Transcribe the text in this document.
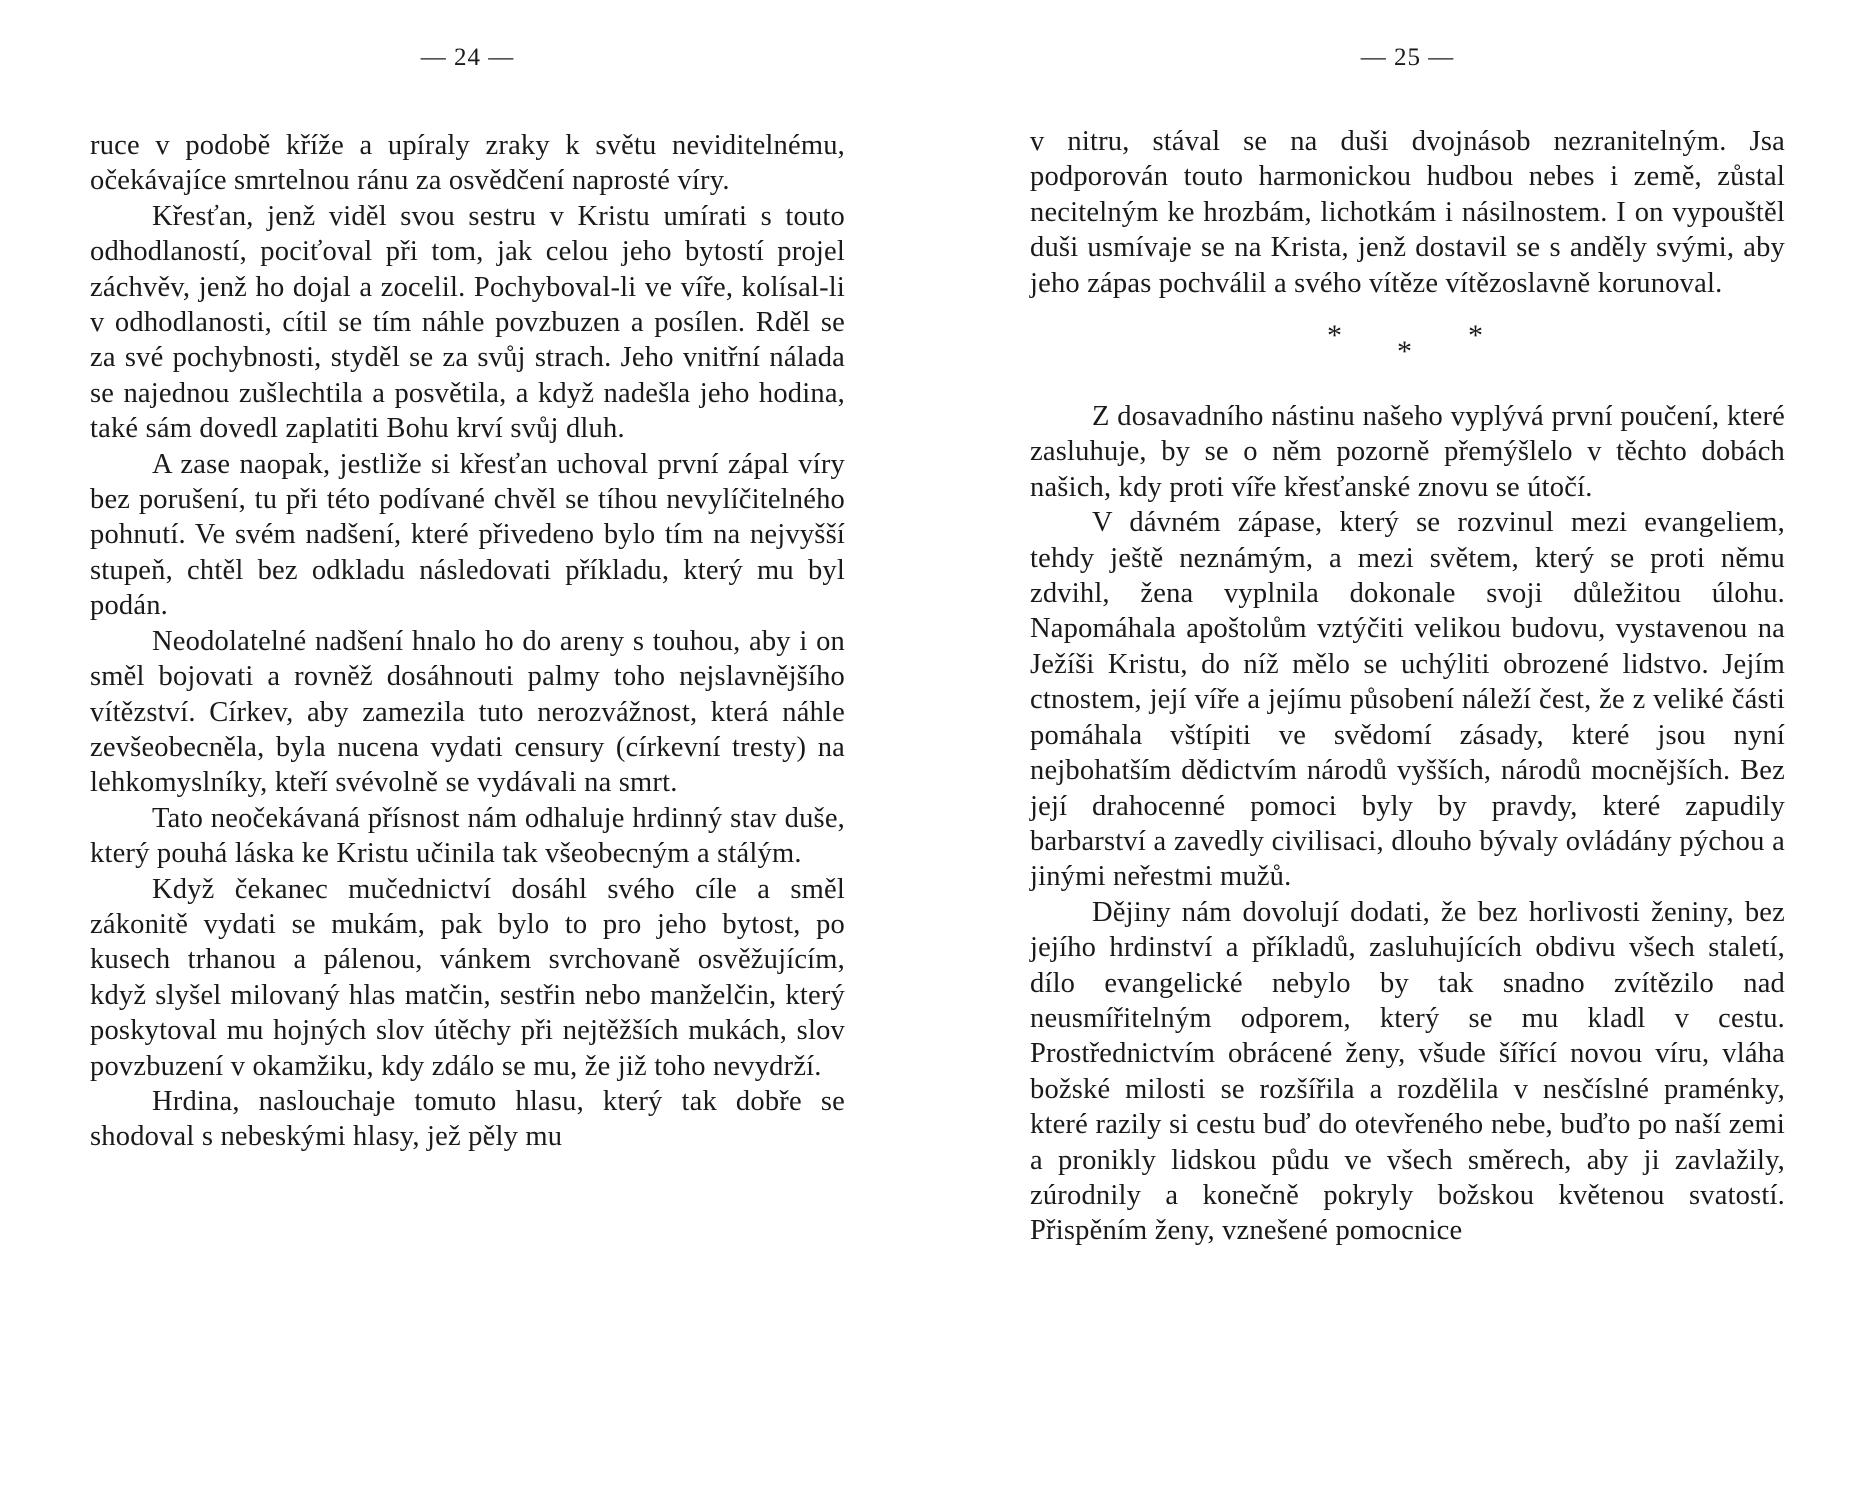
— 24 —

ruce v podobě kříže a upíraly zraky k světu neviditelnému, očekávajíce smrtelnou ránu za osvědčení naprosté víry.

Křesťan, jenž viděl svou sestru v Kristu umírati s touto odhodlaností, pociťoval při tom, jak celou jeho bytostí projel záchvěv, jenž ho dojal a zocelil. Pochyboval-li ve víře, kolísal-li v odhodlanosti, cítil se tím náhle povzbuzen a posílen. Rděl se za své pochybnosti, styděl se za svůj strach. Jeho vnitřní nálada se najednou zušlechtila a posvětila, a když nadešla jeho hodina, také sám dovedl zaplatiti Bohu krví svůj dluh.

A zase naopak, jestliže si křesťan uchoval první zápal víry bez porušení, tu při této podívané chvěl se tíhou nevylíčitelného pohnutí. Ve svém nadšení, které přivedeno bylo tím na nejvyšší stupeň, chtěl bez odkladu následovati příkladu, který mu byl podán.

Neodolatelné nadšení hnalo ho do areny s touhou, aby i on směl bojovati a rovněž dosáhnouti palmy toho nejslavnějšího vítězství. Církev, aby zamezila tuto nerozvážnost, která náhle zevšeobecněla, byla nucena vydati censury (církevní tresty) na lehkomyslníky, kteří svévolně se vydávali na smrt.

Tato neočekávaná přísnost nám odhaluje hrdinný stav duše, který pouhá láska ke Kristu učinila tak všeobecným a stálým.

Když čekanec mučednictví dosáhl svého cíle a směl zákonitě vydati se mukám, pak bylo to pro jeho bytost, po kusech trhanou a pálenou, vánkem svrchovaně osvěžujícím, když slyšel milovaný hlas matčin, sestřin nebo manželčin, který poskytoval mu hojných slov útěchy při nejtěžších mukách, slov povzbuzení v okamžiku, kdy zdálo se mu, že již toho nevydrží.

Hrdina, naslouchaje tomuto hlasu, který tak dobře se shodoval s nebeskými hlasy, jež pěly mu

— 25 —

v nitru, stával se na duši dvojnásob nezranitelným. Jsa podporován touto harmonickou hudbou nebes i země, zůstal necitelným ke hrozbám, lichotkám i násilnostem. I on vypouštěl duši usmívaje se na Krista, jenž dostavil se s anděly svými, aby jeho zápas pochválil a svého vítěze vítězoslavně korunoval.

* * *

Z dosavadního nástinu našeho vyplývá první poučení, které zasluhuje, by se o něm pozorně přemýšlelo v těchto dobách našich, kdy proti víře křesťanské znovu se útočí.

V dávném zápase, který se rozvinul mezi evangeliem, tehdy ještě neznámým, a mezi světem, který se proti němu zdvihl, žena vyplnila dokonale svoji důležitou úlohu. Napomáhala apoštolům vztýčiti velikou budovu, vystavenou na Ježíši Kristu, do níž mělo se uchýliti obrozené lidstvo. Jejím ctnostem, její víře a jejímu působení náleží čest, že z veliké části pomáhala vštípiti ve svědomí zásady, které jsou nyní nejbohatším dědictvím národů vyšších, národů mocnějších. Bez její drahocenné pomoci byly by pravdy, které zapudily barbarství a zavedly civilisaci, dlouho bývaly ovládány pýchou a jinými neřestmi mužů.

Dějiny nám dovolují dodati, že bez horlivosti ženiny, bez jejího hrdinství a příkladů, zasluhujících obdivu všech staletí, dílo evangelické nebylo by tak snadno zvítězilo nad neusmířitelným odporem, který se mu kladl v cestu. Prostřednictvím obrácené ženy, všude šířící novou víru, vláha božské milosti se rozšířila a rozdělila v nesčíslné praménky, které razily si cestu buď do otevřeného nebe, buďto po naší zemi a pronikly lidskou půdu ve všech směrech, aby ji zavlažily, zúrodnily a konečně pokryly božskou květenou svatostí. Přispěním ženy, vznešené pomocnice
